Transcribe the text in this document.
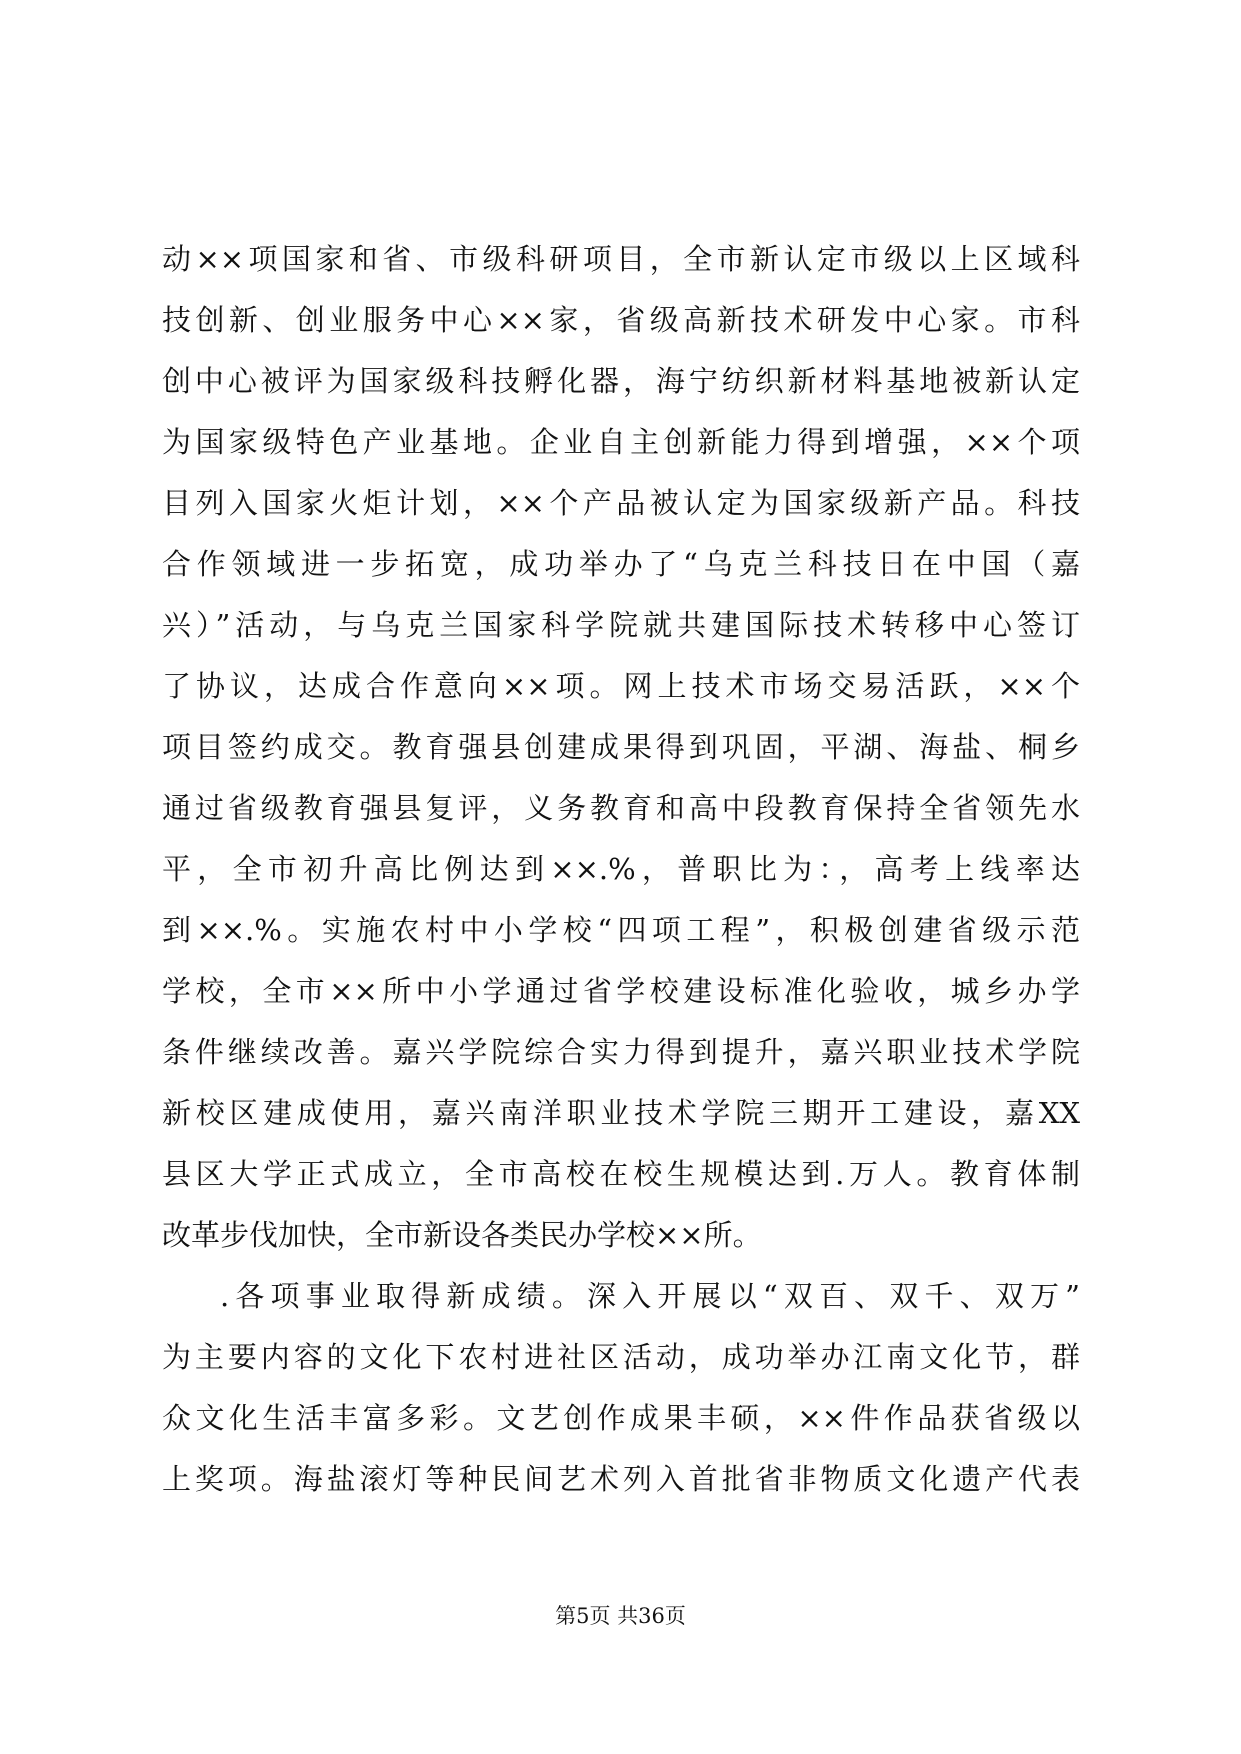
动××项国家和省、市级科研项目，全市新认定市级以上区域科
技创新、创业服务中心××家，省级高新技术研发中心家。市科
创中心被评为国家级科技孵化器，海宁纺织新材料基地被新认定
为国家级特色产业基地。企业自主创新能力得到增强，××个项
目列入国家火炬计划，××个产品被认定为国家级新产品。科技
合作领域进一步拓宽，成功举办了“乌克兰科技日在中国（嘉
兴）”活动，与乌克兰国家科学院就共建国际技术转移中心签订
了协议，达成合作意向××项。网上技术市场交易活跃，××个
项目签约成交。教育强县创建成果得到巩固，平湖、海盐、桐乡
通过省级教育强县复评，义务教育和高中段教育保持全省领先水
平，全市初升高比例达到××.%，普职比为：，高考上线率达
到××.%。实施农村中小学校“四项工程”，积极创建省级示范
学校，全市××所中小学通过省学校建设标准化验收，城乡办学
条件继续改善。嘉兴学院综合实力得到提升，嘉兴职业技术学院
新校区建成使用，嘉兴南洋职业技术学院三期开工建设，嘉XX
县区大学正式成立，全市高校在校生规模达到.万人。教育体制
改革步伐加快，全市新设各类民办学校××所。
.各项事业取得新成绩。深入开展以“双百、双千、双万”
为主要内容的文化下农村进社区活动，成功举办江南文化节，群
众文化生活丰富多彩。文艺创作成果丰硕，××件作品获省级以
上奖项。海盐滚灯等种民间艺术列入首批省非物质文化遗产代表
第5页 共36页
